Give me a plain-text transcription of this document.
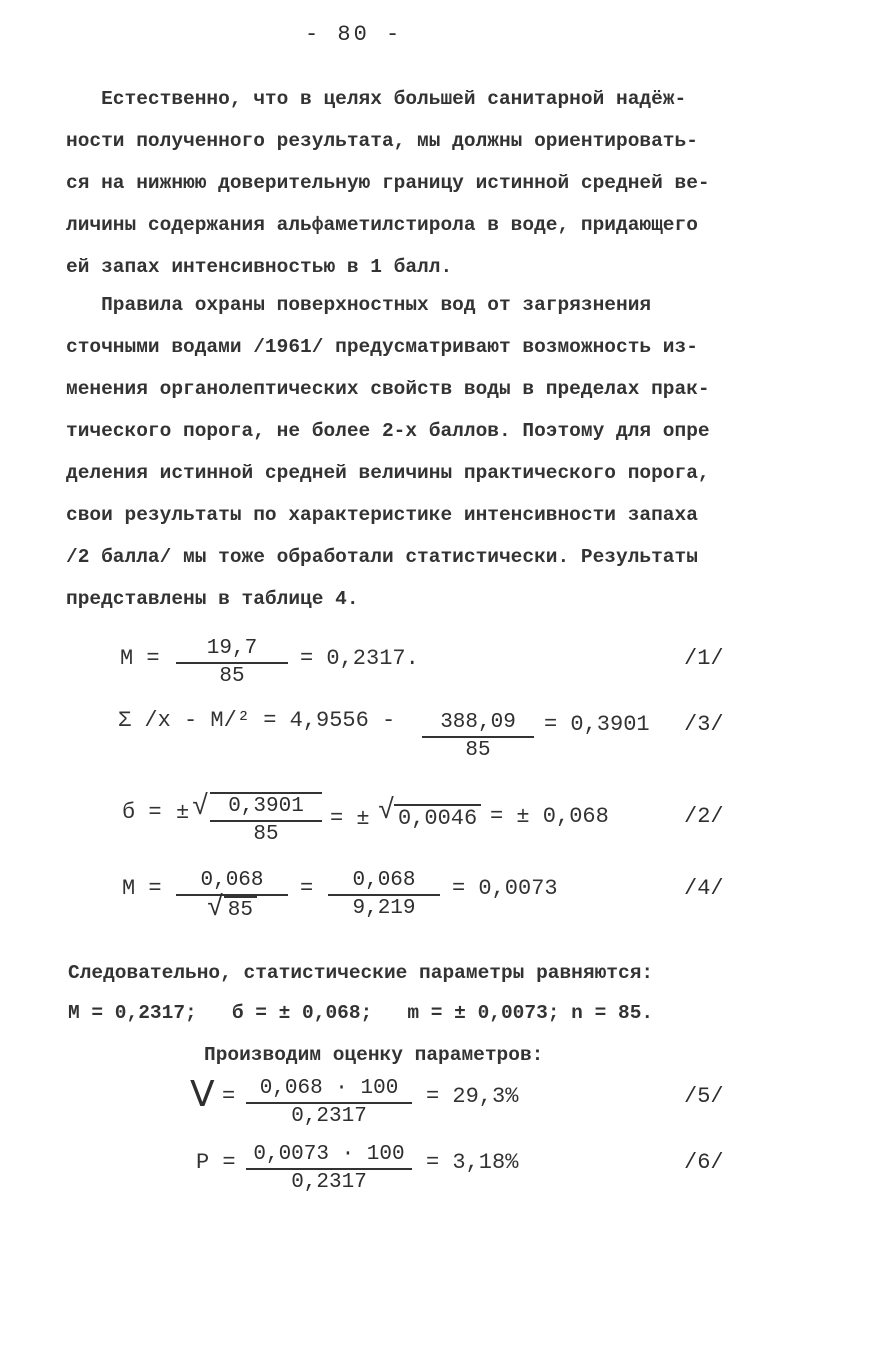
- 80 -
Естественно, что в целях большей санитарной надёж-
ности полученного результата, мы должны ориентировать-
ся на нижнюю доверительную границу истинной средней ве-
личины содержания альфаметилстирола в воде, придающего
ей запах интенсивностью в 1 балл.
Правила охраны поверхностных вод от загрязнения
сточными водами /1961/ предусматривают возможность из-
менения органолептических свойств воды в пределах прак-
тического порога, не более 2-х баллов. Поэтому для опре
деления истинной средней величины практического порога,
свои результаты по характеристике интенсивности запаха
/2 балла/ мы тоже обработали статистически. Результаты
представлены в таблице 4.
$M = \frac{19,7}{85} = 0,2317$.	/1/
Σ $/x - M/^2 = 4,9556 - \frac{388,09}{85} = 0,3901$ /3/
б = ± √ $\frac{0,3901}{85}$ = ± √ 0,0046 = ± 0,068	/2/
$M = \frac{0,068}{√ 85} = \frac{0,068}{9,219} = 0,0073$	/4/
Следовательно, статистические параметры равняются:
M = 0,2317;   б = ± 0,068;   m = ± 0,0073; n = 85.
Производим оценку параметров:
$V = \frac{0,068 \cdot 100}{0,2317} = 29,3\%$	/5/
$P = \frac{0,0073 \cdot 100}{0,2317} = 3,18\%$	/6/
